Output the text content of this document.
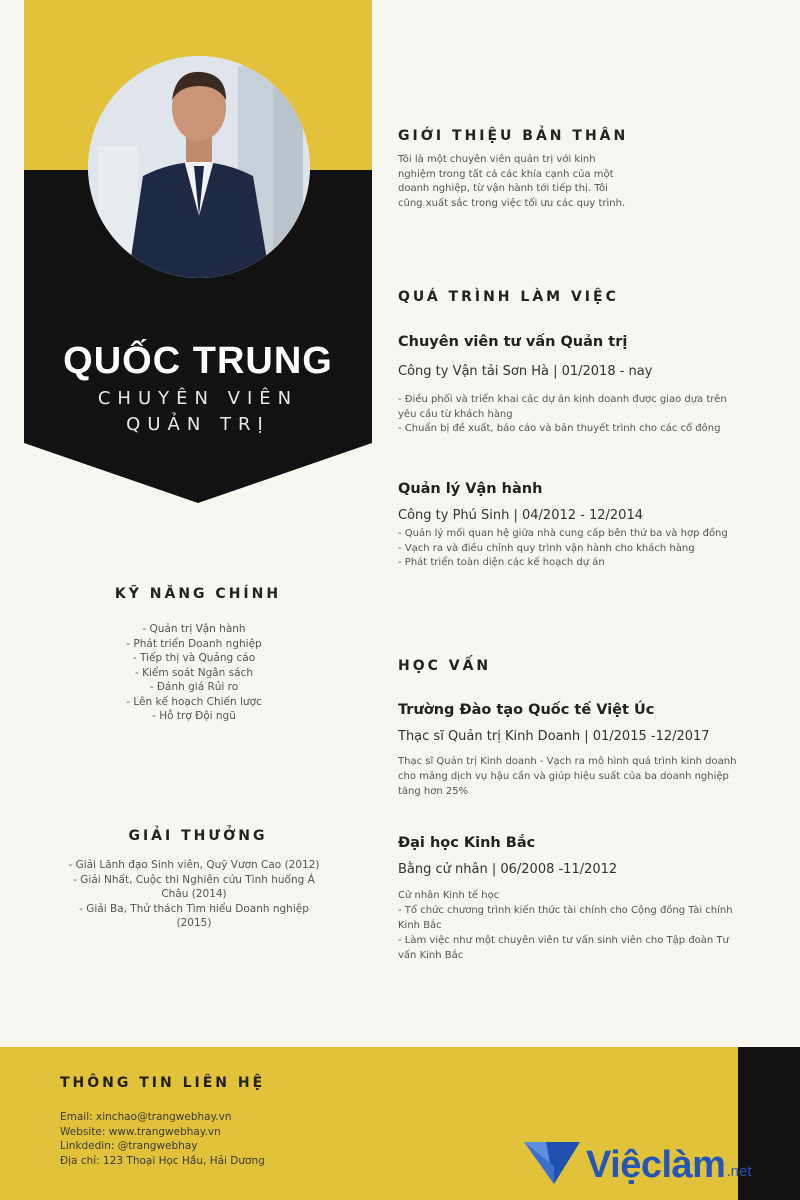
QUỐC TRUNG
CHUYÊN VIÊN
QUẢN TRỊ
KỸ NĂNG CHÍNH
- Quản trị Vận hành
- Phát triển Doanh nghiệp
- Tiếp thị và Quảng cáo
- Kiểm soát Ngân sách
- Đánh giá Rủi ro
- Lên kế hoạch Chiến lược
- Hỗ trợ Đội ngũ
GIẢI THƯỞNG
- Giải Lãnh đạo Sinh viên, Quỹ Vươn Cao (2012)
- Giải Nhất, Cuộc thi Nghiên cứu Tình huống Á Châu (2014)
- Giải Ba, Thử thách Tìm hiểu Doanh nghiệp (2015)
GIỚI THIỆU BẢN THÂN

Tôi là một chuyên viên quản trị với kinh nghiệm trong tất cả các khía cạnh của một doanh nghiệp, từ vận hành tới tiếp thị. Tôi cũng xuất sắc trong việc tối ưu các quy trình.

QUÁ TRÌNH LÀM VIỆC
Chuyên viên tư vấn Quản trị
Công ty Vận tải Sơn Hà | 01/2018 - nay
- Điều phối và triển khai các dự án kinh doanh được giao dựa trên yêu cầu từ khách hàng
- Chuẩn bị đề xuất, báo cáo và bản thuyết trình cho các cổ đông
Quản lý Vận hành
Công ty Phú Sinh | 04/2012 - 12/2014
- Quản lý mối quan hệ giữa nhà cung cấp bên thứ ba và hợp đồng
- Vạch ra và điều chỉnh quy trình vận hành cho khách hàng
- Phát triển toàn diện các kế hoạch dự án
HỌC VẤN
Trường Đào tạo Quốc tế Việt Úc
Thạc sĩ Quản trị Kinh Doanh | 01/2015 -12/2017
Thạc sĩ Quản trị Kinh doanh - Vạch ra mô hình quá trình kinh doanh cho mảng dịch vụ hậu cần và giúp hiệu suất của ba doanh nghiệp tăng hơn 25%
Đại học Kinh Bắc
Bằng cử nhân | 06/2008 -11/2012
Cử nhân Kinh tế học
- Tổ chức chương trình kiến thức tài chính cho Cộng đồng Tài chính Kinh Bắc
- Làm việc như một chuyên viên tư vấn sinh viên cho Tập đoàn Tư vấn Kinh Bắc
THÔNG TIN LIÊN HỆ
Email: xinchao@trangwebhay.vn
Website: www.trangwebhay.vn
Linkdedin: @trangwebhay
Địa chỉ: 123 Thoại Học Hầu, Hải Dương	Việclàm .net
